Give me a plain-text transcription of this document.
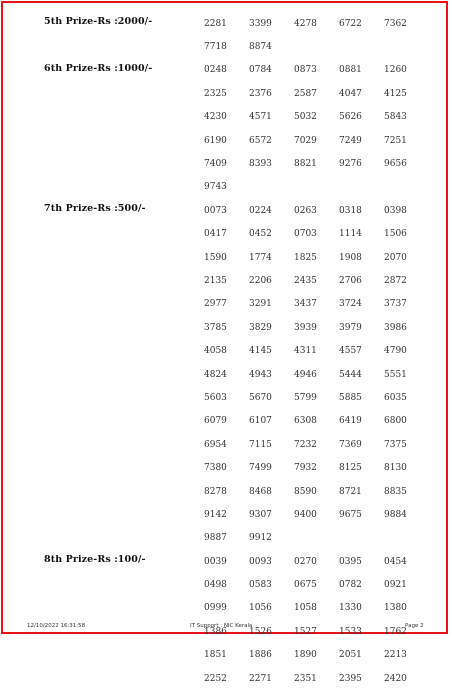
5th Prize-Rs :2000/-	2281	3399	4278	6722	7362
7718	8874
6th Prize-Rs :1000/-	0248	0784	0873	0881	1260
2325	2376	2587	4047	4125
4230	4571	5032	5626	5843
6190	6572	7029	7249	7251
7409	8393	8821	9276	9656
9743
7th Prize-Rs :500/-	0073	0224	0263	0318	0398
0417	0452	0703	1114	1506
1590	1774	1825	1908	2070
2135	2206	2435	2706	2872
2977	3291	3437	3724	3737
3785	3829	3939	3979	3986
4058	4145	4311	4557	4790
4824	4943	4946	5444	5551
5603	5670	5799	5885	6035
6079	6107	6308	6419	6800
6954	7115	7232	7369	7375
7380	7499	7932	8125	8130
8278	8468	8590	8721	8835
9142	9307	9400	9675	9884
9887	9912
8th Prize-Rs :100/-	0039	0093	0270	0395	0454
0498	0583	0675	0782	0921
0999	1056	1058	1330	1380
1386	1526	1527	1533	1762
1851	1886	1890	2051	2213
2252	2271	2351	2395	2420
12/10/2022 16:31:58	IT Support : NIC Kerala	Page 2
